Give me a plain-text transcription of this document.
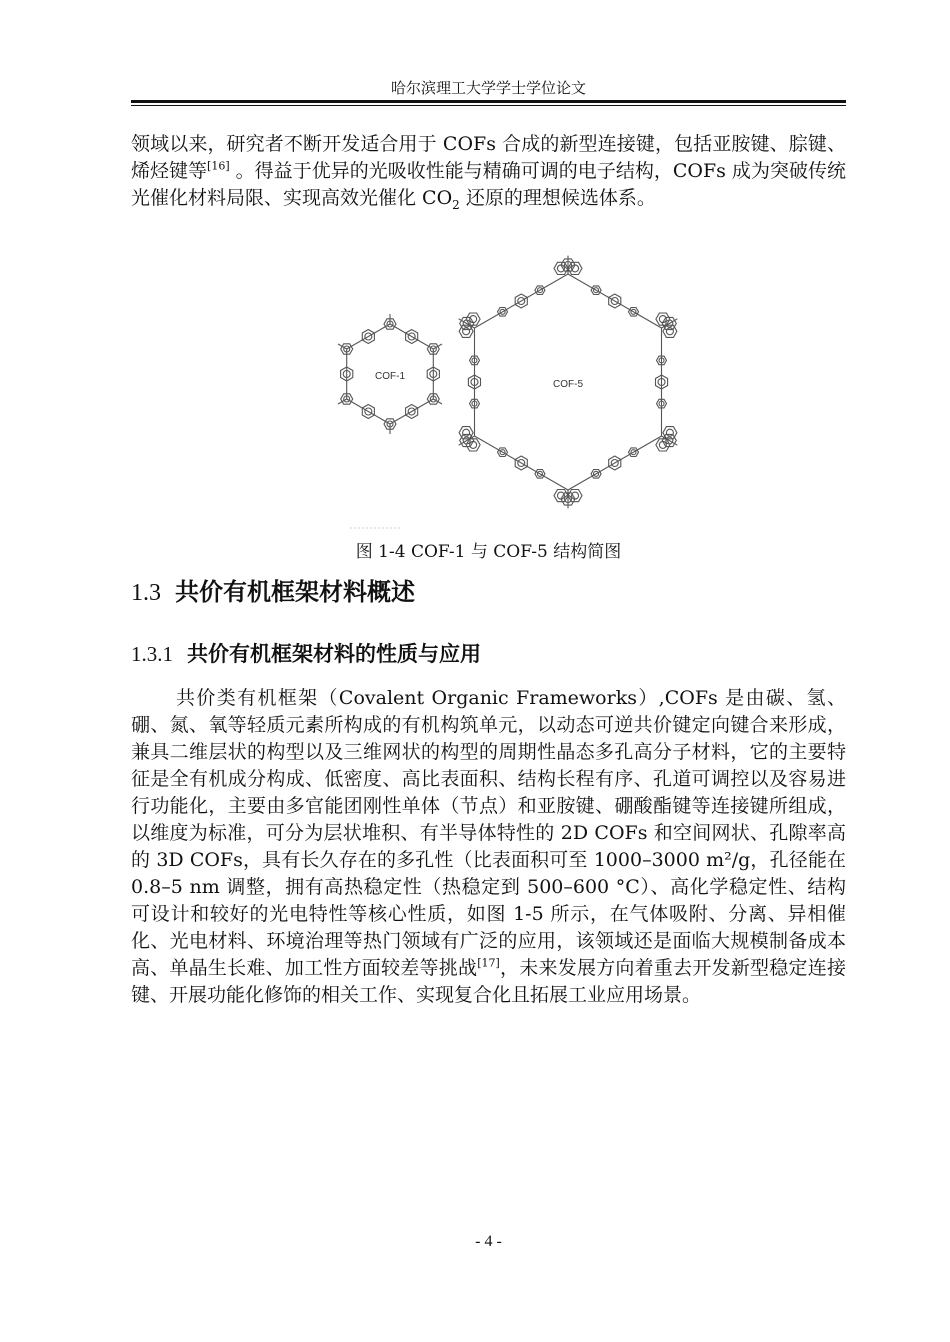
哈尔滨理工大学学士学位论文
领域以来，研究者不断开发适合用于 COFs 合成的新型连接键，包括亚胺键、腙键、烯烃键等[16] 。得益于优异的光吸收性能与精确可调的电子结构，COFs 成为突破传统光催化材料局限、实现高效光催化 $CO_2$ 还原的理想候选体系。
COF-1
COF-5
图 1-4 COF-1 与 COF-5 结构简图
1.3 共价有机框架材料概述
1.3.1 共价有机框架材料的性质与应用
共价类有机框架（Covalent Organic Frameworks）,COFs 是由碳、氢、硼、氮、氧等轻质元素所构成的有机构筑单元，以动态可逆共价键定向键合来形成，兼具二维层状的构型以及三维网状的构型的周期性晶态多孔高分子材料，它的主要特征是全有机成分构成、低密度、高比表面积、结构长程有序、孔道可调控以及容易进行功能化，主要由多官能团刚性单体（节点）和亚胺键、硼酸酯键等连接键所组成，以维度为标准，可分为层状堆积、有半导体特性的 2D COFs 和空间网状、孔隙率高的 3D COFs，具有长久存在的多孔性（比表面积可至 1000–3000 m²/g，孔径能在 0.8–5 nm 调整，拥有高热稳定性（热稳定到 500–600 °C）、高化学稳定性、结构可设计和较好的光电特性等核心性质，如图 1-5 所示，在气体吸附、分离、异相催化、光电材料、环境治理等热门领域有广泛的应用，该领域还是面临大规模制备成本高、单晶生长难、加工性方面较差等挑战[17]，未来发展方向着重去开发新型稳定连接键、开展功能化修饰的相关工作、实现复合化且拓展工业应用场景。
- 4 -
